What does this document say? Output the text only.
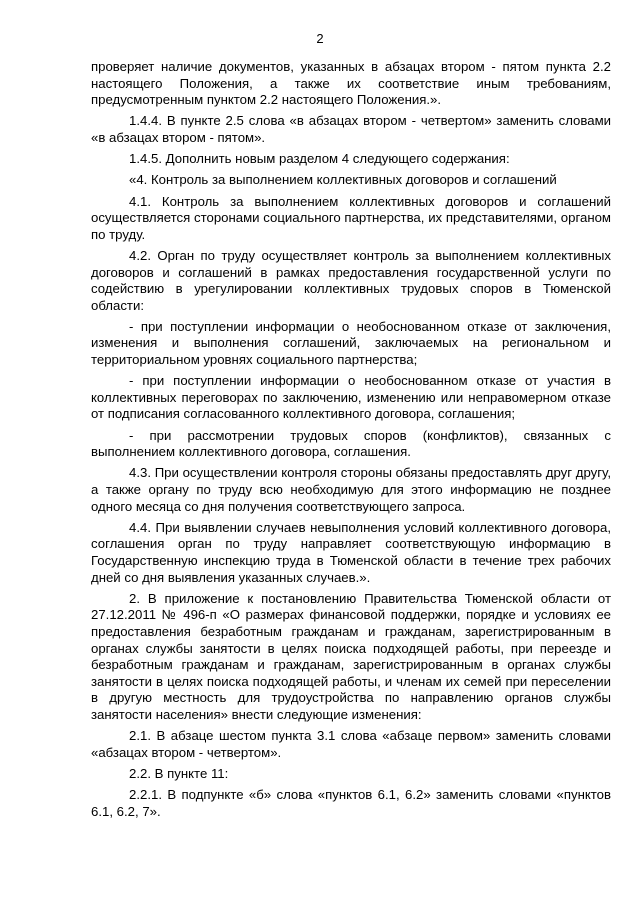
2

проверяет наличие документов, указанных в абзацах втором - пятом пункта 2.2 настоящего Положения, а также их соответствие иным требованиям, предусмотренным пунктом 2.2 настоящего Положения.».

1.4.4. В пункте 2.5 слова «в абзацах втором - четвертом» заменить словами «в абзацах втором - пятом».

1.4.5. Дополнить новым разделом 4 следующего содержания:

«4. Контроль за выполнением коллективных договоров и соглашений

4.1. Контроль за выполнением коллективных договоров и соглашений осуществляется сторонами социального партнерства, их представителями, органом по труду.

4.2. Орган по труду осуществляет контроль за выполнением коллективных договоров и соглашений в рамках предоставления государственной услуги по содействию в урегулировании коллективных трудовых споров в Тюменской области:

- при поступлении информации о необоснованном отказе от заключения, изменения и выполнения соглашений, заключаемых на региональном и территориальном уровнях социального партнерства;

- при поступлении информации о необоснованном отказе от участия в коллективных переговорах по заключению, изменению или неправомерном отказе от подписания согласованного коллективного договора, соглашения;

- при рассмотрении трудовых споров (конфликтов), связанных с выполнением коллективного договора, соглашения.

4.3. При осуществлении контроля стороны обязаны предоставлять друг другу, а также органу по труду всю необходимую для этого информацию не позднее одного месяца со дня получения соответствующего запроса.

4.4. При выявлении случаев невыполнения условий коллективного договора, соглашения орган по труду направляет соответствующую информацию в Государственную инспекцию труда в Тюменской области в течение трех рабочих дней со дня выявления указанных случаев.».

2. В приложение к постановлению Правительства Тюменской области от 27.12.2011 № 496-п «О размерах финансовой поддержки, порядке и условиях ее предоставления безработным гражданам и гражданам, зарегистрированным в органах службы занятости в целях поиска подходящей работы, при переезде и безработным гражданам и гражданам, зарегистрированным в органах службы занятости в целях поиска подходящей работы, и членам их семей при переселении в другую местность для трудоустройства по направлению органов службы занятости населения» внести следующие изменения:

2.1. В абзаце шестом пункта 3.1 слова «абзаце первом» заменить словами «абзацах втором - четвертом».

2.2. В пункте 11:

2.2.1. В подпункте «б» слова «пунктов 6.1, 6.2» заменить словами «пунктов 6.1, 6.2, 7».
